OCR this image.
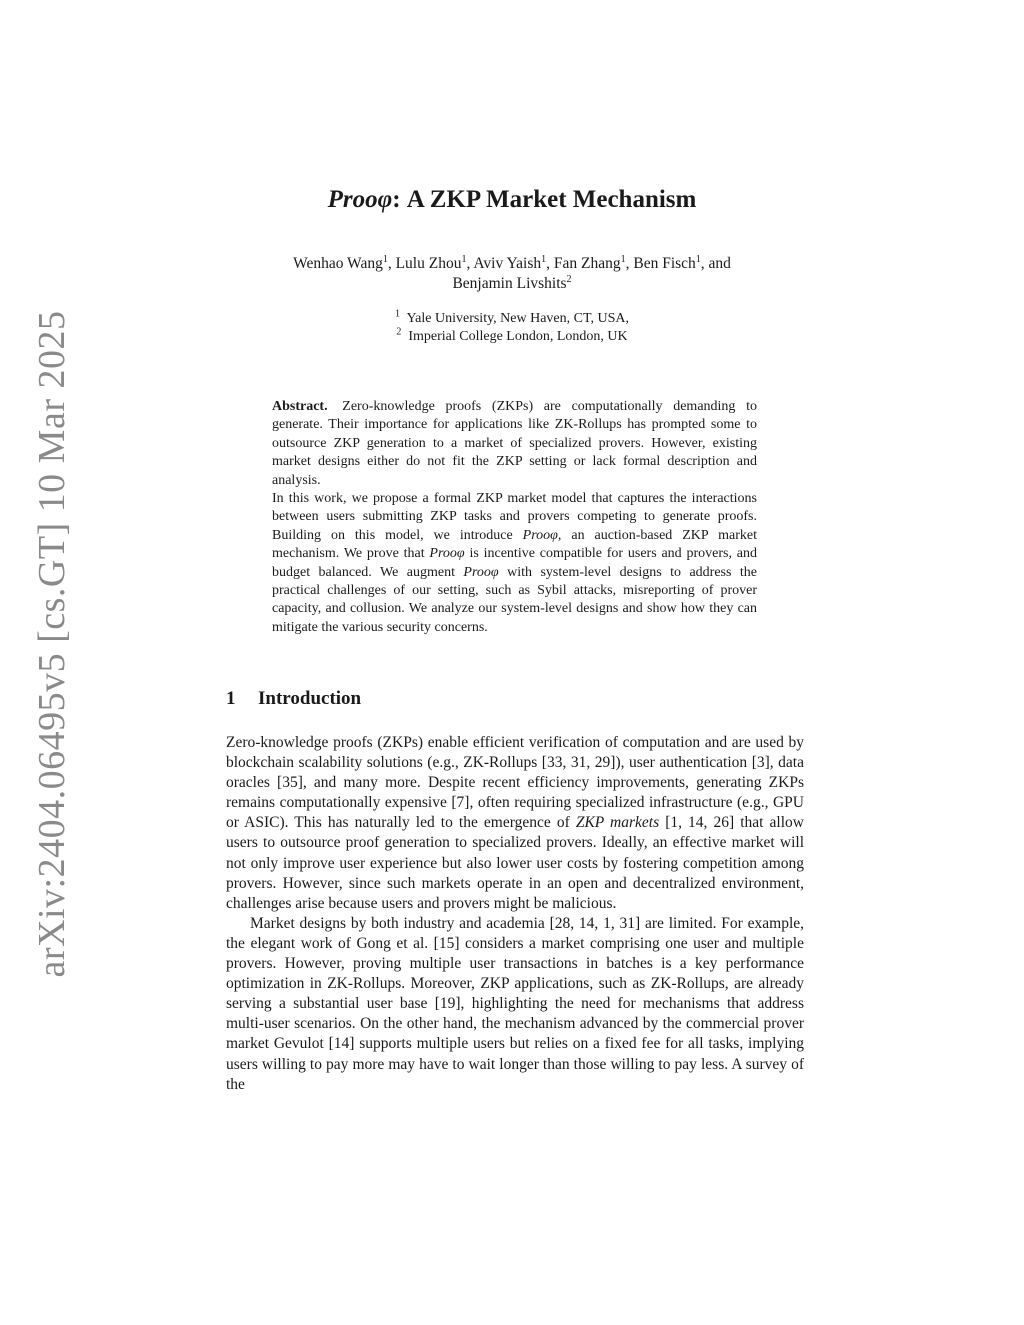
arXiv:2404.06495v5 [cs.GT] 10 Mar 2025
Prooφ: A ZKP Market Mechanism
Wenhao Wang$^1$, Lulu Zhou$^1$, Aviv Yaish$^1$, Fan Zhang$^1$, Ben Fisch$^1$, and
Benjamin Livshits$^2$
$^1$ Yale University, New Haven, CT, USA,
$^2$ Imperial College London, London, UK

Abstract. Zero-knowledge proofs (ZKPs) are computationally demanding to generate. Their importance for applications like ZK-Rollups has prompted some to outsource ZKP generation to a market of specialized provers. However, existing market designs either do not fit the ZKP setting or lack formal description and analysis.

In this work, we propose a formal ZKP market model that captures the interactions between users submitting ZKP tasks and provers competing to generate proofs. Building on this model, we introduce Prooφ, an auction-based ZKP market mechanism. We prove that Prooφ is incentive compatible for users and provers, and budget balanced. We augment Prooφ with system-level designs to address the practical challenges of our setting, such as Sybil attacks, misreporting of prover capacity, and collusion. We analyze our system-level designs and show how they can mitigate the various security concerns.

1 Introduction

Zero-knowledge proofs (ZKPs) enable efficient verification of computation and are used by blockchain scalability solutions (e.g., ZK-Rollups [33, 31, 29]), user authentication [3], data oracles [35], and many more. Despite recent efficiency improvements, generating ZKPs remains computationally expensive [7], often requiring specialized infrastructure (e.g., GPU or ASIC). This has naturally led to the emergence of ZKP markets [1, 14, 26] that allow users to outsource proof generation to specialized provers. Ideally, an effective market will not only improve user experience but also lower user costs by fostering competition among provers. However, since such markets operate in an open and decentralized environment, challenges arise because users and provers might be malicious.

Market designs by both industry and academia [28, 14, 1, 31] are limited. For example, the elegant work of Gong et al. [15] considers a market comprising one user and multiple provers. However, proving multiple user transactions in batches is a key performance optimization in ZK-Rollups. Moreover, ZKP applications, such as ZK-Rollups, are already serving a substantial user base [19], highlighting the need for mechanisms that address multi-user scenarios. On the other hand, the mechanism advanced by the commercial prover market Gevulot [14] supports multiple users but relies on a fixed fee for all tasks, implying users willing to pay more may have to wait longer than those willing to pay less. A survey of the
